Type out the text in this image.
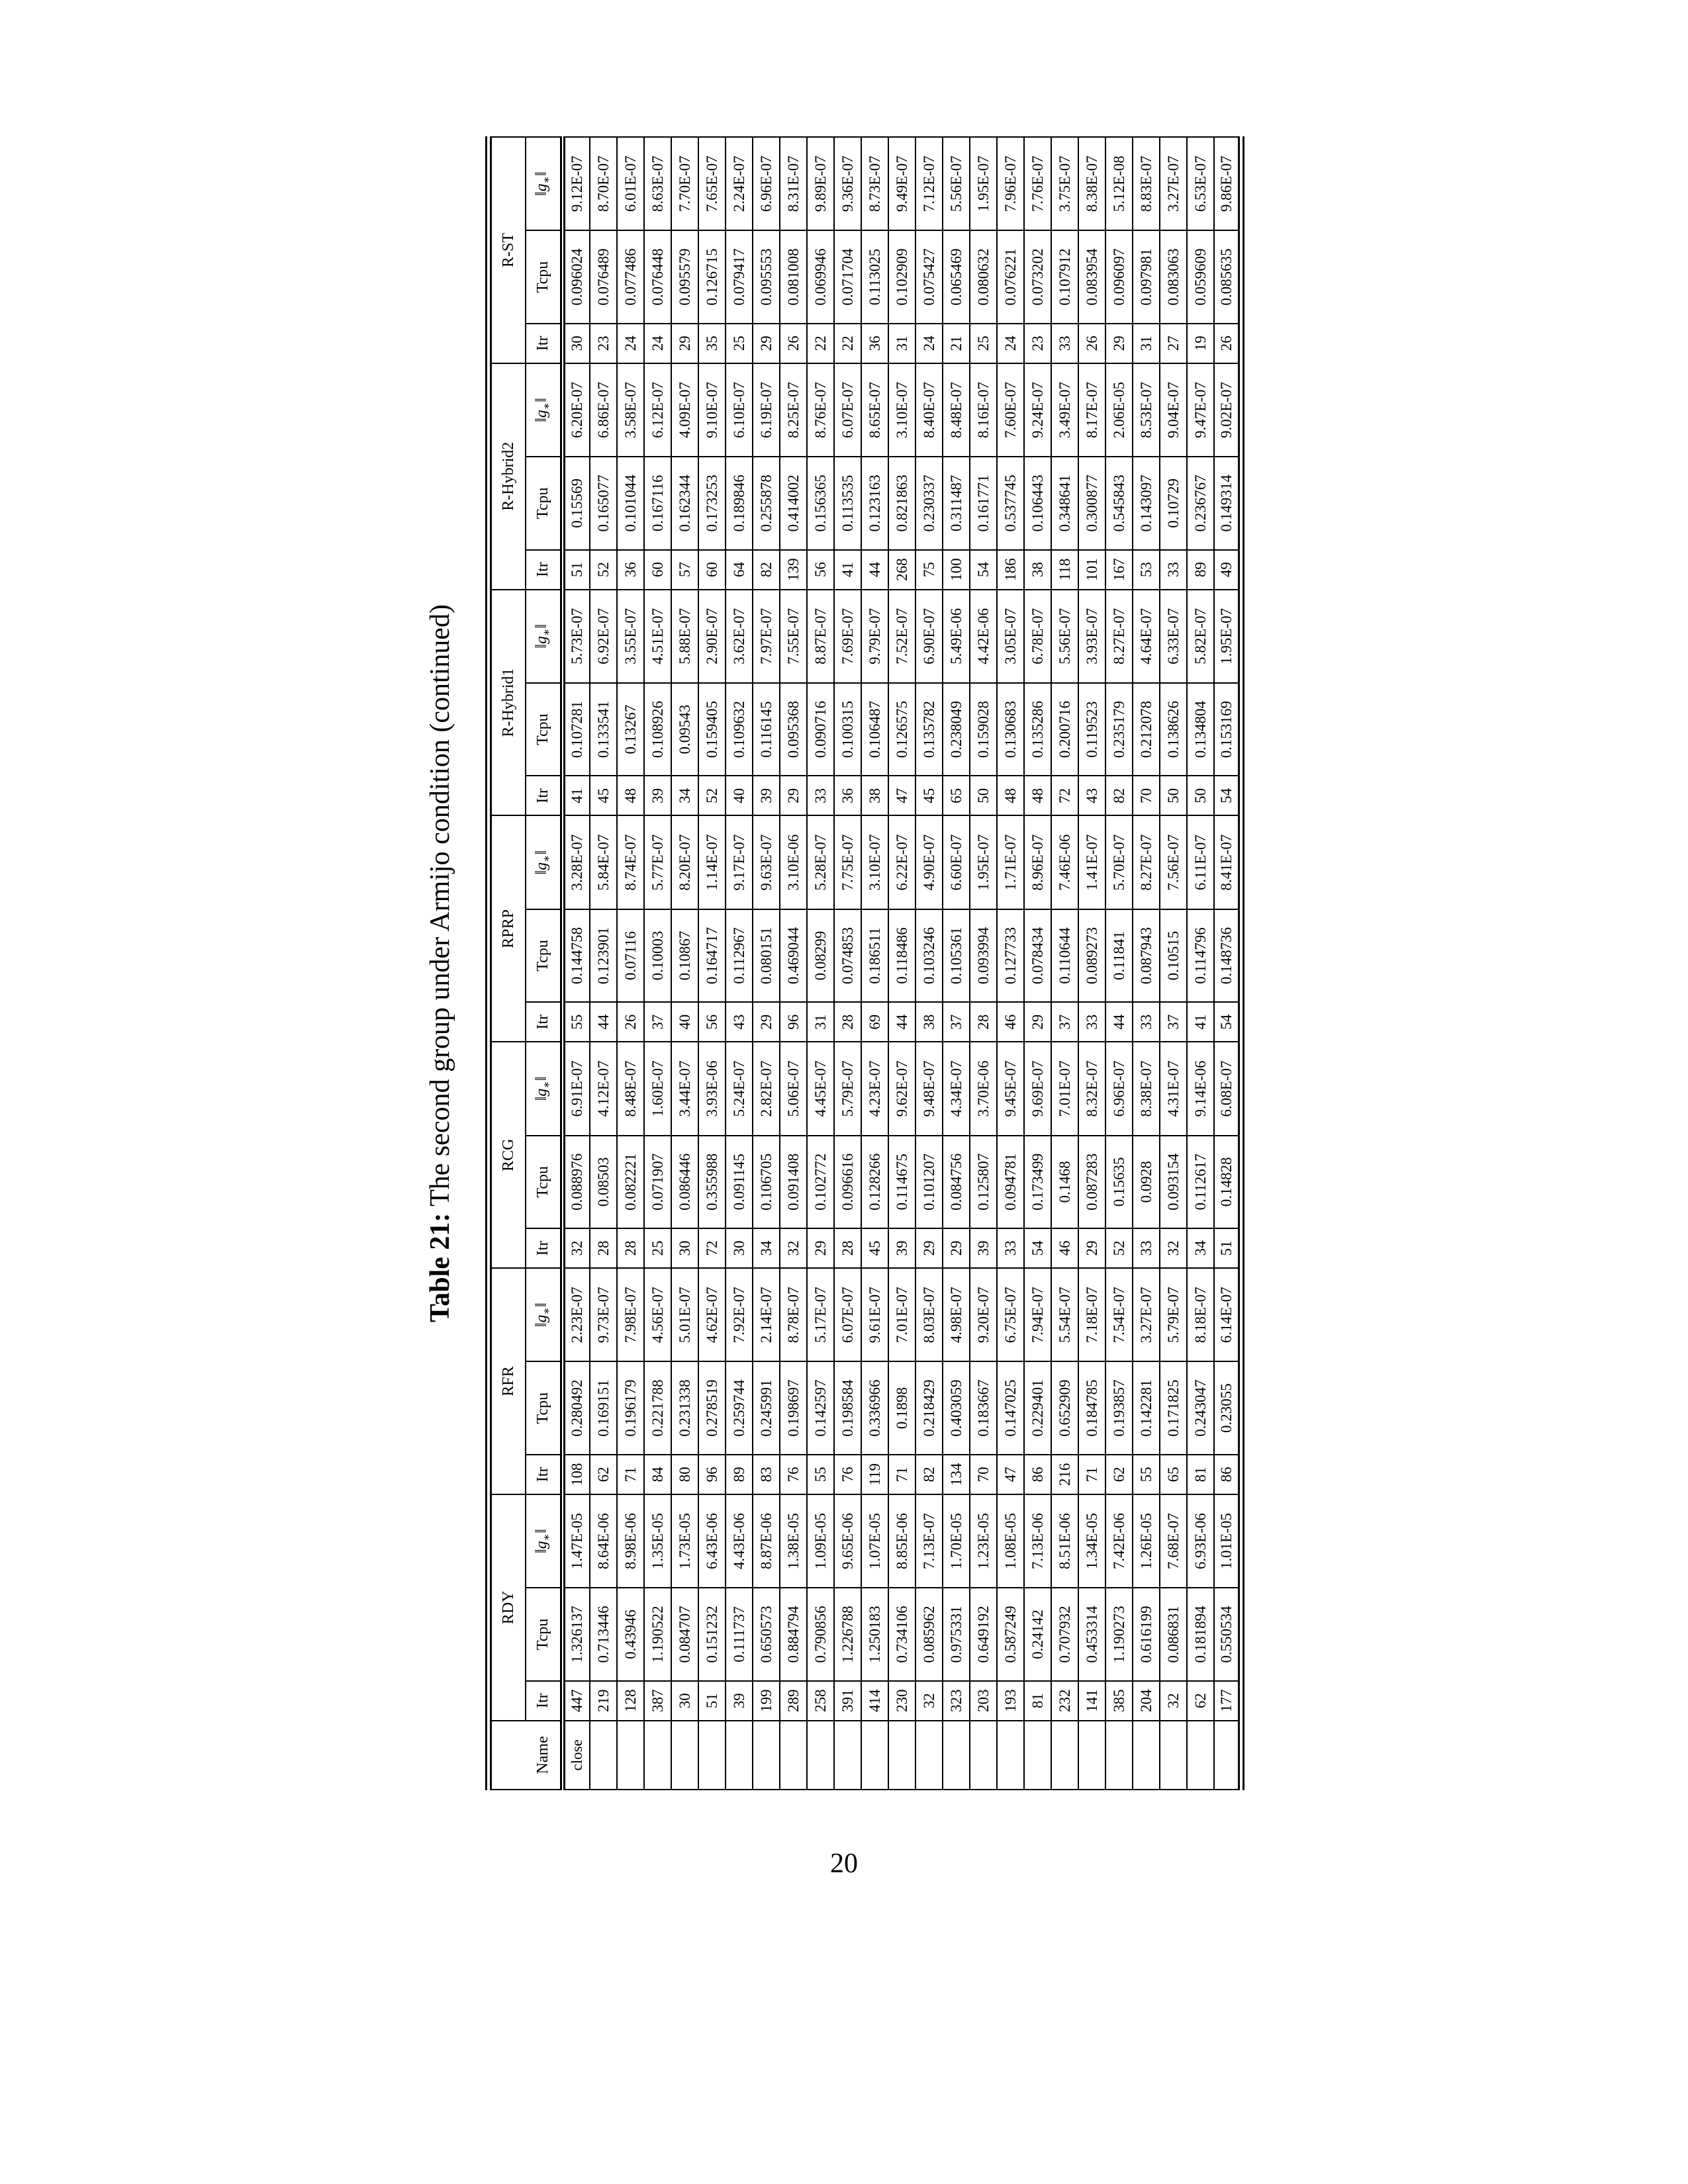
Table 21: The second group under Armijo condition (continued)
	RDY			RFR			RCG			RPRP			R-Hybrid1			R-Hybrid2			R-ST		
Name	Itr	Tcpu	$‖g_∗‖$	Itr	Tcpu	$‖g_∗‖$	Itr	Tcpu	$‖g_∗‖$	Itr	Tcpu	$‖g_∗‖$	Itr	Tcpu	$‖g_∗‖$	Itr	Tcpu	$‖g_∗‖$	Itr	Tcpu	$‖g_∗‖$
close	447	1.326137	1.47E-05	108	0.280492	2.23E-07	32	0.088976	6.91E-07	55	0.144758	3.28E-07	41	0.107281	5.73E-07	51	0.15569	6.20E-07	30	0.096024	9.12E-07
	219	0.713446	8.64E-06	62	0.169151	9.73E-07	28	0.08503	4.12E-07	44	0.123901	5.84E-07	45	0.133541	6.92E-07	52	0.165077	6.86E-07	23	0.076489	8.70E-07
	128	0.43946	8.98E-06	71	0.196179	7.98E-07	28	0.082221	8.48E-07	26	0.07116	8.74E-07	48	0.13267	3.55E-07	36	0.101044	3.58E-07	24	0.077486	6.01E-07
	387	1.190522	1.35E-05	84	0.221788	4.56E-07	25	0.071907	1.60E-07	37	0.10003	5.77E-07	39	0.108926	4.51E-07	60	0.167116	6.12E-07	24	0.076448	8.63E-07
	30	0.084707	1.73E-05	80	0.231338	5.01E-07	30	0.086446	3.44E-07	40	0.10867	8.20E-07	34	0.09543	5.88E-07	57	0.162344	4.09E-07	29	0.095579	7.70E-07
	51	0.151232	6.43E-06	96	0.278519	4.62E-07	72	0.355988	3.93E-06	56	0.164717	1.14E-07	52	0.159405	2.90E-07	60	0.173253	9.10E-07	35	0.126715	7.65E-07
	39	0.111737	4.43E-06	89	0.259744	7.92E-07	30	0.091145	5.24E-07	43	0.112967	9.17E-07	40	0.109632	3.62E-07	64	0.189846	6.10E-07	25	0.079417	2.24E-07
	199	0.650573	8.87E-06	83	0.245991	2.14E-07	34	0.106705	2.82E-07	29	0.080151	9.63E-07	39	0.116145	7.97E-07	82	0.255878	6.19E-07	29	0.095553	6.96E-07
	289	0.884794	1.38E-05	76	0.198697	8.78E-07	32	0.091408	5.06E-07	96	0.469044	3.10E-06	29	0.095368	7.55E-07	139	0.414002	8.25E-07	26	0.081008	8.31E-07
	258	0.790856	1.09E-05	55	0.142597	5.17E-07	29	0.102772	4.45E-07	31	0.08299	5.28E-07	33	0.090716	8.87E-07	56	0.156365	8.76E-07	22	0.069946	9.89E-07
	391	1.226788	9.65E-06	76	0.198584	6.07E-07	28	0.096616	5.79E-07	28	0.074853	7.75E-07	36	0.100315	7.69E-07	41	0.113535	6.07E-07	22	0.071704	9.36E-07
	414	1.250183	1.07E-05	119	0.336966	9.61E-07	45	0.128266	4.23E-07	69	0.186511	3.10E-07	38	0.106487	9.79E-07	44	0.123163	8.65E-07	36	0.113025	8.73E-07
	230	0.734106	8.85E-06	71	0.1898	7.01E-07	39	0.114675	9.62E-07	44	0.118486	6.22E-07	47	0.126575	7.52E-07	268	0.821863	3.10E-07	31	0.102909	9.49E-07
	32	0.085962	7.13E-07	82	0.218429	8.03E-07	29	0.101207	9.48E-07	38	0.103246	4.90E-07	45	0.135782	6.90E-07	75	0.230337	8.40E-07	24	0.075427	7.12E-07
	323	0.975331	1.70E-05	134	0.403059	4.98E-07	29	0.084756	4.34E-07	37	0.105361	6.60E-07	65	0.238049	5.49E-06	100	0.311487	8.48E-07	21	0.065469	5.56E-07
	203	0.649192	1.23E-05	70	0.183667	9.20E-07	39	0.125807	3.70E-06	28	0.093994	1.95E-07	50	0.159028	4.42E-06	54	0.161771	8.16E-07	25	0.080632	1.95E-07
	193	0.587249	1.08E-05	47	0.147025	6.75E-07	33	0.094781	9.45E-07	46	0.127733	1.71E-07	48	0.130683	3.05E-07	186	0.537745	7.60E-07	24	0.076221	7.96E-07
	81	0.24142	7.13E-06	86	0.229401	7.94E-07	54	0.173499	9.69E-07	29	0.078434	8.96E-07	48	0.135286	6.78E-07	38	0.106443	9.24E-07	23	0.073202	7.76E-07
	232	0.707932	8.51E-06	216	0.652909	5.54E-07	46	0.1468	7.01E-07	37	0.110644	7.46E-06	72	0.200716	5.56E-07	118	0.348641	3.49E-07	33	0.107912	3.75E-07
	141	0.453314	1.34E-05	71	0.184785	7.18E-07	29	0.087283	8.32E-07	33	0.089273	1.41E-07	43	0.119523	3.93E-07	101	0.300877	8.17E-07	26	0.083954	8.38E-07
	385	1.190273	7.42E-06	62	0.193857	7.54E-07	52	0.15635	6.96E-07	44	0.11841	5.70E-07	82	0.235179	8.27E-07	167	0.545843	2.06E-05	29	0.096097	5.12E-08
	204	0.616199	1.26E-05	55	0.142281	3.27E-07	33	0.0928	8.38E-07	33	0.087943	8.27E-07	70	0.212078	4.64E-07	53	0.143097	8.53E-07	31	0.097981	8.83E-07
	32	0.086831	7.68E-07	65	0.171825	5.79E-07	32	0.093154	4.31E-07	37	0.10515	7.56E-07	50	0.138626	6.33E-07	33	0.10729	9.04E-07	27	0.083063	3.27E-07
	62	0.181894	6.93E-06	81	0.243047	8.18E-07	34	0.112617	9.14E-06	41	0.114796	6.11E-07	50	0.134804	5.82E-07	89	0.236767	9.47E-07	19	0.059609	6.53E-07
	177	0.550534	1.01E-05	86	0.23055	6.14E-07	51	0.14828	6.08E-07	54	0.148736	8.41E-07	54	0.153169	1.95E-07	49	0.149314	9.02E-07	26	0.085635	9.86E-07
20
